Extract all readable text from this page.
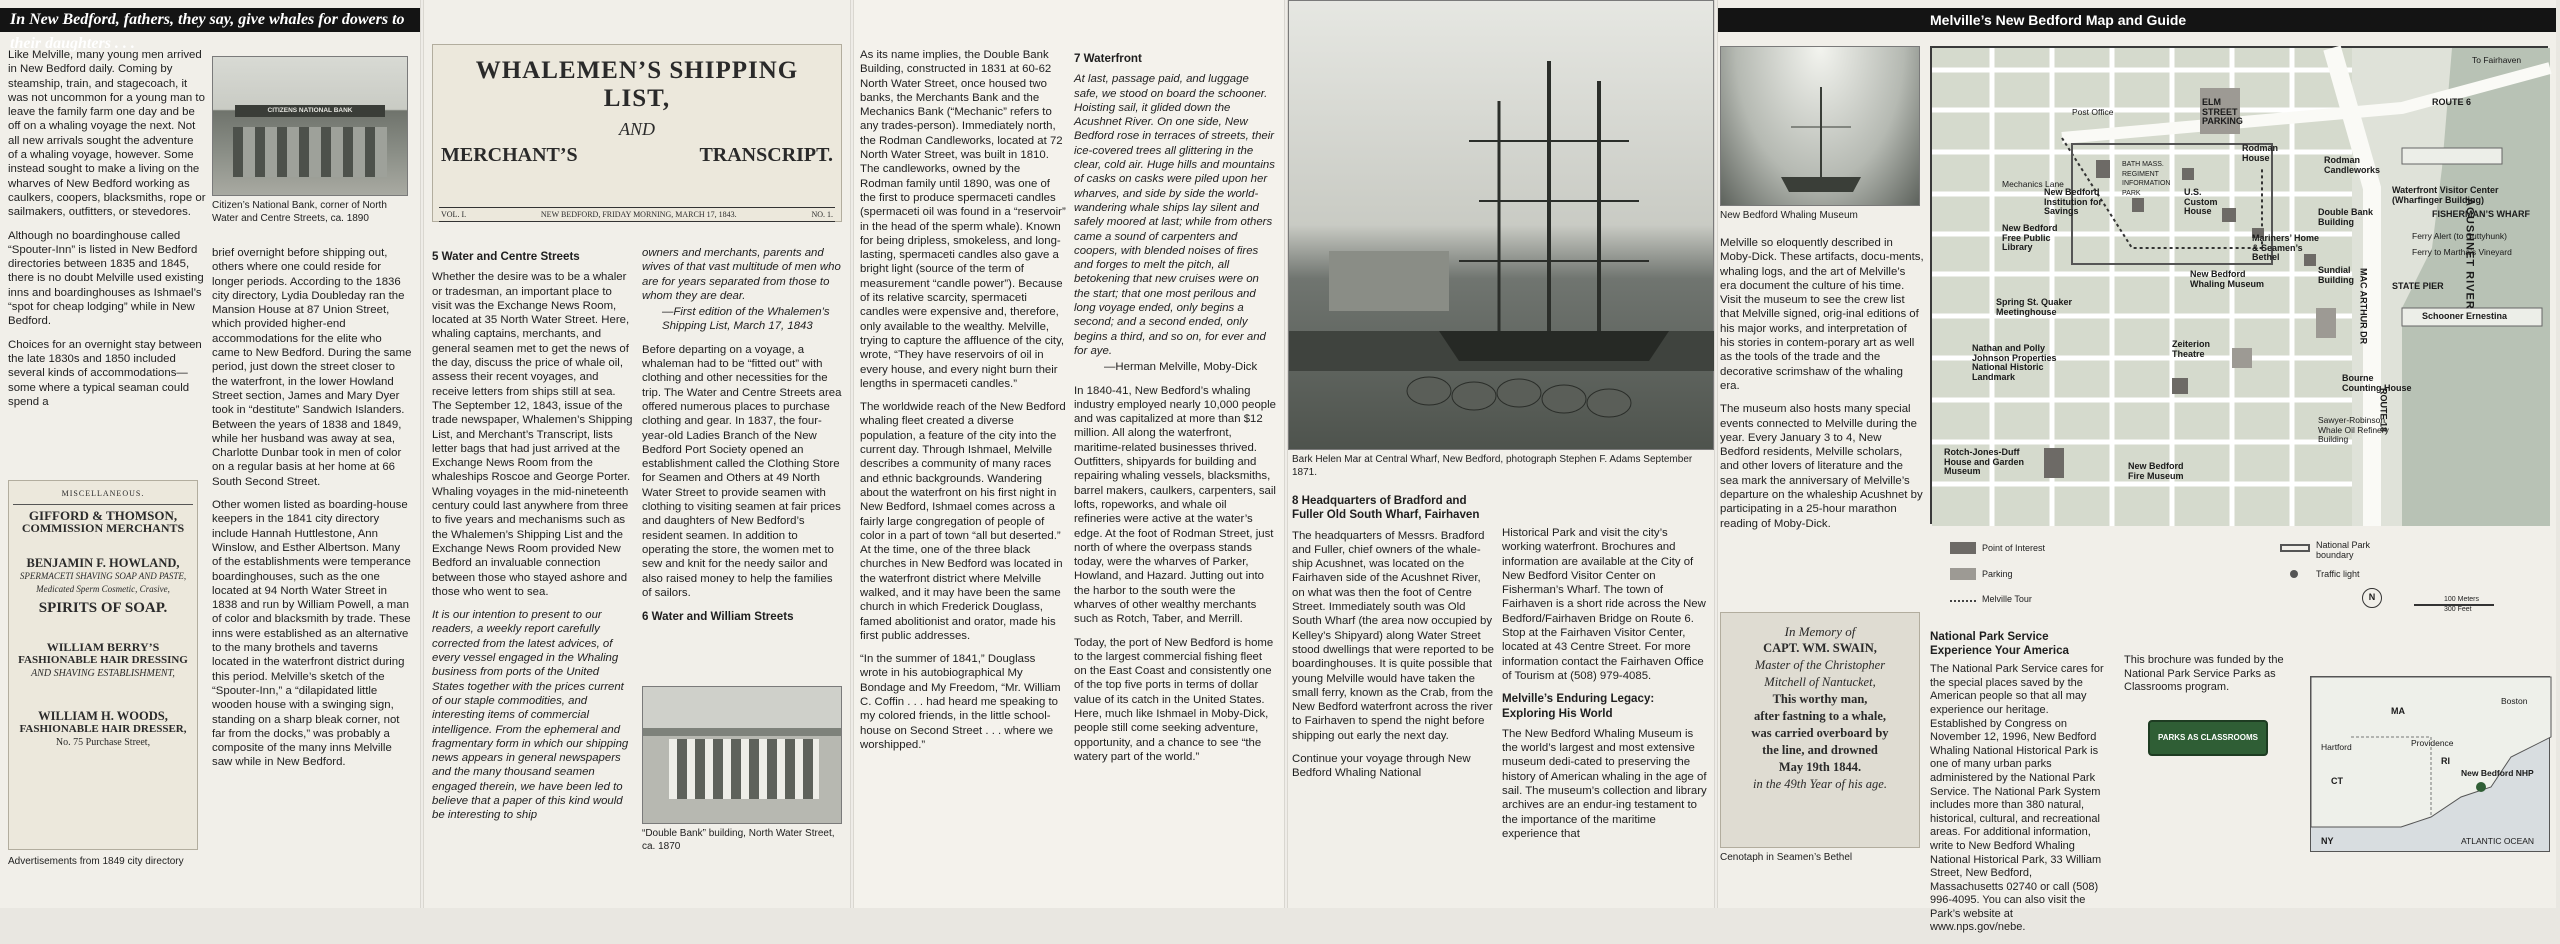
In New Bedford, fathers, they say, give whales for dowers to their daughters . . .

Like Melville, many young men arrived in New Bedford daily. Coming by steamship, train, and stagecoach, it was not uncommon for a young man to leave the family farm one day and be off on a whaling voyage the next. Not all new arrivals sought the adventure of a whaling voyage, however. Some instead sought to make a living on the wharves of New Bedford working as caulkers, coopers, blacksmiths, rope or sailmakers, outfitters, or stevedores.

Although no boardinghouse called “Spouter-Inn” is listed in New Bedford directories between 1835 and 1845, there is no doubt Melville used existing inns and boardinghouses as Ishmael’s “spot for cheap lodging” while in New Bedford.

Choices for an overnight stay between the late 1830s and 1850 included several kinds of accommodations—some where a typical seaman could spend a

CITIZENS NATIONAL BANK
Citizen’s National Bank, corner of North Water and Centre Streets, ca. 1890

brief overnight before shipping out, others where one could reside for longer periods. According to the 1836 city directory, Lydia Doubleday ran the Mansion House at 87 Union Street, which provided higher-end accommodations for the elite who came to New Bedford. During the same period, just down the street closer to the waterfront, in the lower Howland Street section, James and Mary Dyer took in “destitute” Sandwich Islanders. Between the years of 1838 and 1849, while her husband was away at sea, Charlotte Dunbar took in men of color on a regular basis at her home at 66 South Second Street.

Other women listed as boarding-house keepers in the 1841 city directory include Hannah Huttlestone, Ann Winslow, and Esther Albertson. Many of the establishments were temperance boardinghouses, such as the one located at 94 North Water Street in 1838 and run by William Powell, a man of color and blacksmith by trade. These inns were established as an alternative to the many brothels and taverns located in the waterfront district during this period. Melville’s sketch of the “Spouter-Inn,” a “dilapidated little wooden house with a swinging sign, standing on a sharp bleak corner, not far from the docks,” was probably a composite of the many inns Melville saw while in New Bedford.

MISCELLANEOUS.
GIFFORD & THOMSON,
COMMISSION MERCHANTS
BENJAMIN F. HOWLAND,
SPERMACETI SHAVING SOAP AND PASTE, Medicated Sperm Cosmetic, Crasive,
SPIRITS OF SOAP.
WILLIAM BERRY’S
FASHIONABLE HAIR DRESSING
AND SHAVING ESTABLISHMENT,
WILLIAM H. WOODS,
FASHIONABLE HAIR DRESSER,
No. 75 Purchase Street,
Advertisements from 1849 city directory
WHALEMEN’S SHIPPING LIST,
AND
MERCHANT’S	TRANSCRIPT.
VOL. I.	NEW BEDFORD, FRIDAY MORNING, MARCH 17, 1843.	NO. 1.
5 Water and Centre Streets

Whether the desire was to be a whaler or tradesman, an important place to visit was the Exchange News Room, located at 35 North Water Street. Here, whaling captains, merchants, and general seamen met to get the news of the day, discuss the price of whale oil, assess their recent voyages, and receive letters from ships still at sea. The September 12, 1843, issue of the trade newspaper, Whalemen’s Shipping List, and Merchant’s Transcript, lists letter bags that had just arrived at the Exchange News Room from the whaleships Roscoe and George Porter. Whaling voyages in the mid-nineteenth century could last anywhere from three to five years and mechanisms such as the Whalemen’s Shipping List and the Exchange News Room provided New Bedford an invaluable connection between those who stayed ashore and those who went to sea.

It is our intention to present to our readers, a weekly report carefully corrected from the latest advices, of every vessel engaged in the Whaling business from ports of the United States together with the prices current of our staple commodities, and interesting items of commercial intelligence. From the ephemeral and fragmentary form in which our shipping news appears in general newspapers and the many thousand seamen engaged therein, we have been led to believe that a paper of this kind would be interesting to ship

owners and merchants, parents and wives of that vast multitude of men who are for years separated from those to whom they are dear.

—First edition of the Whalemen’s Shipping List, March 17, 1843

Before departing on a voyage, a whaleman had to be “fitted out” with clothing and other necessities for the trip. The Water and Centre Streets area offered numerous places to purchase clothing and gear. In 1837, the four-year-old Ladies Branch of the New Bedford Port Society opened an establishment called the Clothing Store for Seamen and Others at 49 North Water Street to provide seamen with clothing to visiting seamen at fair prices and daughters of New Bedford’s resident seamen. In addition to operating the store, the women met to sew and knit for the needy sailor and also raised money to help the families of sailors.

6 Water and William Streets
“Double Bank” building, North Water Street, ca. 1870

As its name implies, the Double Bank Building, constructed in 1831 at 60-62 North Water Street, once housed two banks, the Merchants Bank and the Mechanics Bank (“Mechanic” refers to any trades-person). Immediately north, the Rodman Candleworks, located at 72 North Water Street, was built in 1810. The candleworks, owned by the Rodman family until 1890, was one of the first to produce spermaceti candles (spermaceti oil was found in a “reservoir” in the head of the sperm whale). Known for being dripless, smokeless, and long-lasting, spermaceti candles also gave a bright light (source of the term of measurement “candle power”). Because of its relative scarcity, spermaceti candles were expensive and, therefore, only available to the wealthy. Melville, trying to capture the affluence of the city, wrote, “They have reservoirs of oil in every house, and every night burn their lengths in spermaceti candles.”

The worldwide reach of the New Bedford whaling fleet created a diverse population, a feature of the city into the current day. Through Ishmael, Melville describes a community of many races and ethnic backgrounds. Wandering about the waterfront on his first night in New Bedford, Ishmael comes across a fairly large congregation of people of color in a part of town “all but deserted.” At the time, one of the three black churches in New Bedford was located in the waterfront district where Melville walked, and it may have been the same church in which Frederick Douglass, famed abolitionist and orator, made his first public addresses.

“In the summer of 1841,” Douglass wrote in his autobiographical My Bondage and My Freedom, “Mr. William C. Coffin . . . had heard me speaking to my colored friends, in the little school-house on Second Street . . . where we worshipped.”

7 Waterfront

At last, passage paid, and luggage safe, we stood on board the schooner. Hoisting sail, it glided down the Acushnet River. On one side, New Bedford rose in terraces of streets, their ice-covered trees all glittering in the clear, cold air. Huge hills and mountains of casks on casks were piled upon her wharves, and side by side the world-wandering whale ships lay silent and safely moored at last; while from others came a sound of carpenters and coopers, with blended noises of fires and forges to melt the pitch, all betokening that new cruises were on the start; that one most perilous and long voyage ended, only begins a second; and a second ended, only begins a third, and so on, for ever and for aye.

—Herman Melville, Moby-Dick

In 1840-41, New Bedford’s whaling industry employed nearly 10,000 people and was capitalized at more than $12 million. All along the waterfront, maritime-related businesses thrived. Outfitters, shipyards for building and repairing whaling vessels, blacksmiths, barrel makers, caulkers, carpenters, sail lofts, ropeworks, and whale oil refineries were active at the water’s edge. At the foot of Rodman Street, just north of where the overpass stands today, were the wharves of Parker, Howland, and Hazard. Jutting out into the harbor to the south were the wharves of other wealthy merchants such as Rotch, Taber, and Merrill.

Today, the port of New Bedford is home to the largest commercial fishing fleet on the East Coast and consistently one of the top five ports in terms of dollar value of its catch in the United States. Here, much like Ishmael in Moby-Dick, people still come seeking adventure, opportunity, and a chance to see “the watery part of the world.”

Bark Helen Mar at Central Wharf, New Bedford, photograph Stephen F. Adams September 1871.
8 Headquarters of Bradford and Fuller Old South Wharf, Fairhaven

The headquarters of Messrs. Bradford and Fuller, chief owners of the whale-ship Acushnet, was located on the Fairhaven side of the Acushnet River, on what was then the foot of Centre Street. Immediately south was Old South Wharf (the area now occupied by Kelley’s Shipyard) along Water Street stood dwellings that were reported to be boardinghouses. It is quite possible that young Melville would have taken the small ferry, known as the Crab, from the New Bedford waterfront across the river to Fairhaven to spend the night before shipping out early the next day.

Continue your voyage through New Bedford Whaling National

Historical Park and visit the city’s working waterfront. Brochures and information are available at the City of New Bedford Visitor Center on Fisherman’s Wharf. The town of Fairhaven is a short ride across the New Bedford/Fairhaven Bridge on Route 6. Stop at the Fairhaven Visitor Center, located at 43 Centre Street. For more information contact the Fairhaven Office of Tourism at (508) 979-4085.

Melville’s Enduring Legacy: Exploring His World

The New Bedford Whaling Museum is the world’s largest and most extensive museum dedi-cated to preserving the history of American whaling in the age of sail. The museum’s collection and library archives are an endur-ing testament to the importance of the maritime experience that

Melville’s New Bedford Map and Guide
New Bedford Whaling Museum

Melville so eloquently described in Moby-Dick. These artifacts, docu-ments, whaling logs, and the art of Melville’s era document the culture of his time. Visit the museum to see the crew list that Melville signed, orig-inal editions of his major works, and interpretation of his stories in contem-porary art as well as the tools of the trade and the decorative scrimshaw of the whaling era.

The museum also hosts many special events connected to Melville during the year. Every January 3 to 4, New Bedford residents, Melville scholars, and other lovers of literature and the sea mark the anniversary of Melville’s departure on the whaleship Acushnet by participating in a 25-hour marathon reading of Moby-Dick.

In Memory of
CAPT. WM. SWAIN,
Master of the Christopher
Mitchell of Nantucket,
This worthy man,
after fastning to a whale,
was carried overboard by
the line, and drowned
May 19th 1844.
in the 49th Year of his age.
Cenotaph in Seamen’s Bethel
Point of Interest
Parking
Melville Tour
National Park boundary
Traffic light
N	100 Meters
300 Feet
National Park Service Experience Your America

The National Park Service cares for the special places saved by the American people so that all may experience our heritage. Established by Congress on November 12, 1996, New Bedford Whaling National Historical Park is one of many urban parks administered by the National Park Service. The National Park System includes more than 380 natural, historical, cultural, and recreational areas. For additional information, write to New Bedford Whaling National Historical Park, 33 William Street, New Bedford, Massachusetts 02740 or call (508) 996-4095. You can also visit the Park’s website at www.nps.gov/nebe.

This brochure was funded by the National Park Service Parks as Classrooms program.
PARKS AS CLASSROOMS
MA
RI
CT
NY
New Bedford NHP
ATLANTIC OCEAN
Boston
Providence
Hartford
ACUSHNET RIVER
Post Office
ELM STREET PARKING
Rodman House	Rodman Candleworks
Mechanics Lane
BATH MASS. REGIMENT INFORMATION PARK
New Bedford Institution for Savings
U.S. Custom House
New Bedford Free Public Library
Waterfront Visitor Center (Wharfinger Building)
FISHERMAN’S WHARF
Double Bank Building
Mariners’ Home & Seamen’s Bethel
New Bedford Whaling Museum
Sundial Building
Ferry Alert (to Cuttyhunk)
Ferry to Martha’s Vineyard
Schooner Ernestina
STATE PIER
Spring St. Quaker Meetinghouse
Nathan and Polly Johnson Properties National Historic Landmark
Zeiterion Theatre
Bourne Counting House
Sawyer-Robinson Whale Oil Refinery Building
Rotch-Jones-Duff House and Garden Museum	New Bedford Fire Museum
To Fairhaven
ROUTE 18
ROUTE 6
MAC ARTHUR DR
